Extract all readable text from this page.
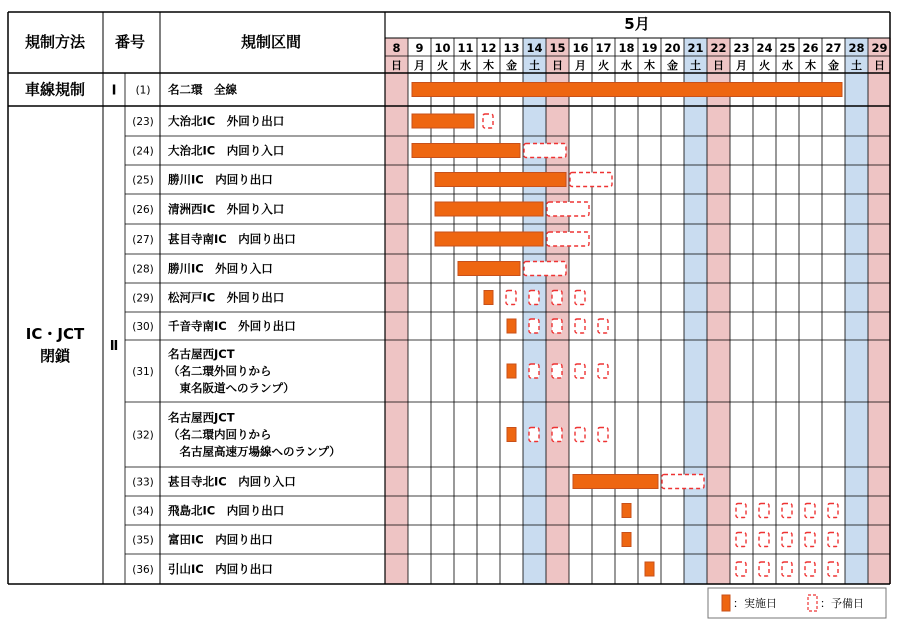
規制方法 番号	規制区間
5月
8
日
9
月
10
火
11
水
12
木
13
金
14
土
15
日
16
月
17
火
18
水
19
木
20
金
21
土
22
日
23
月
24
火
25
水
26
木
27
金
28
土
29
日
車線規制 Ⅰ
IC・JCT
閉鎖
Ⅱ
(1) 名二環　全線
(23) 大治北IC　外回り出口
(24) 大治北IC　内回り入口
(25) 勝川IC　内回り出口
(26) 清洲西IC　外回り入口
(27) 甚目寺南IC　内回り出口
(28) 勝川IC　外回り入口
(29) 松河戸IC　外回り出口
(30) 千音寺南IC　外回り出口
(31)
名古屋西JCT
（名二環外回りから
　東名阪道へのランプ）
(32)
名古屋西JCT
（名二環内回りから
　名古屋高速万場線へのランプ）
(33) 甚目寺北IC　内回り入口
(34) 飛島北IC　内回り出口
(35) 富田IC　内回り出口
(36) 引山IC　内回り出口
：実施日	：予備日
